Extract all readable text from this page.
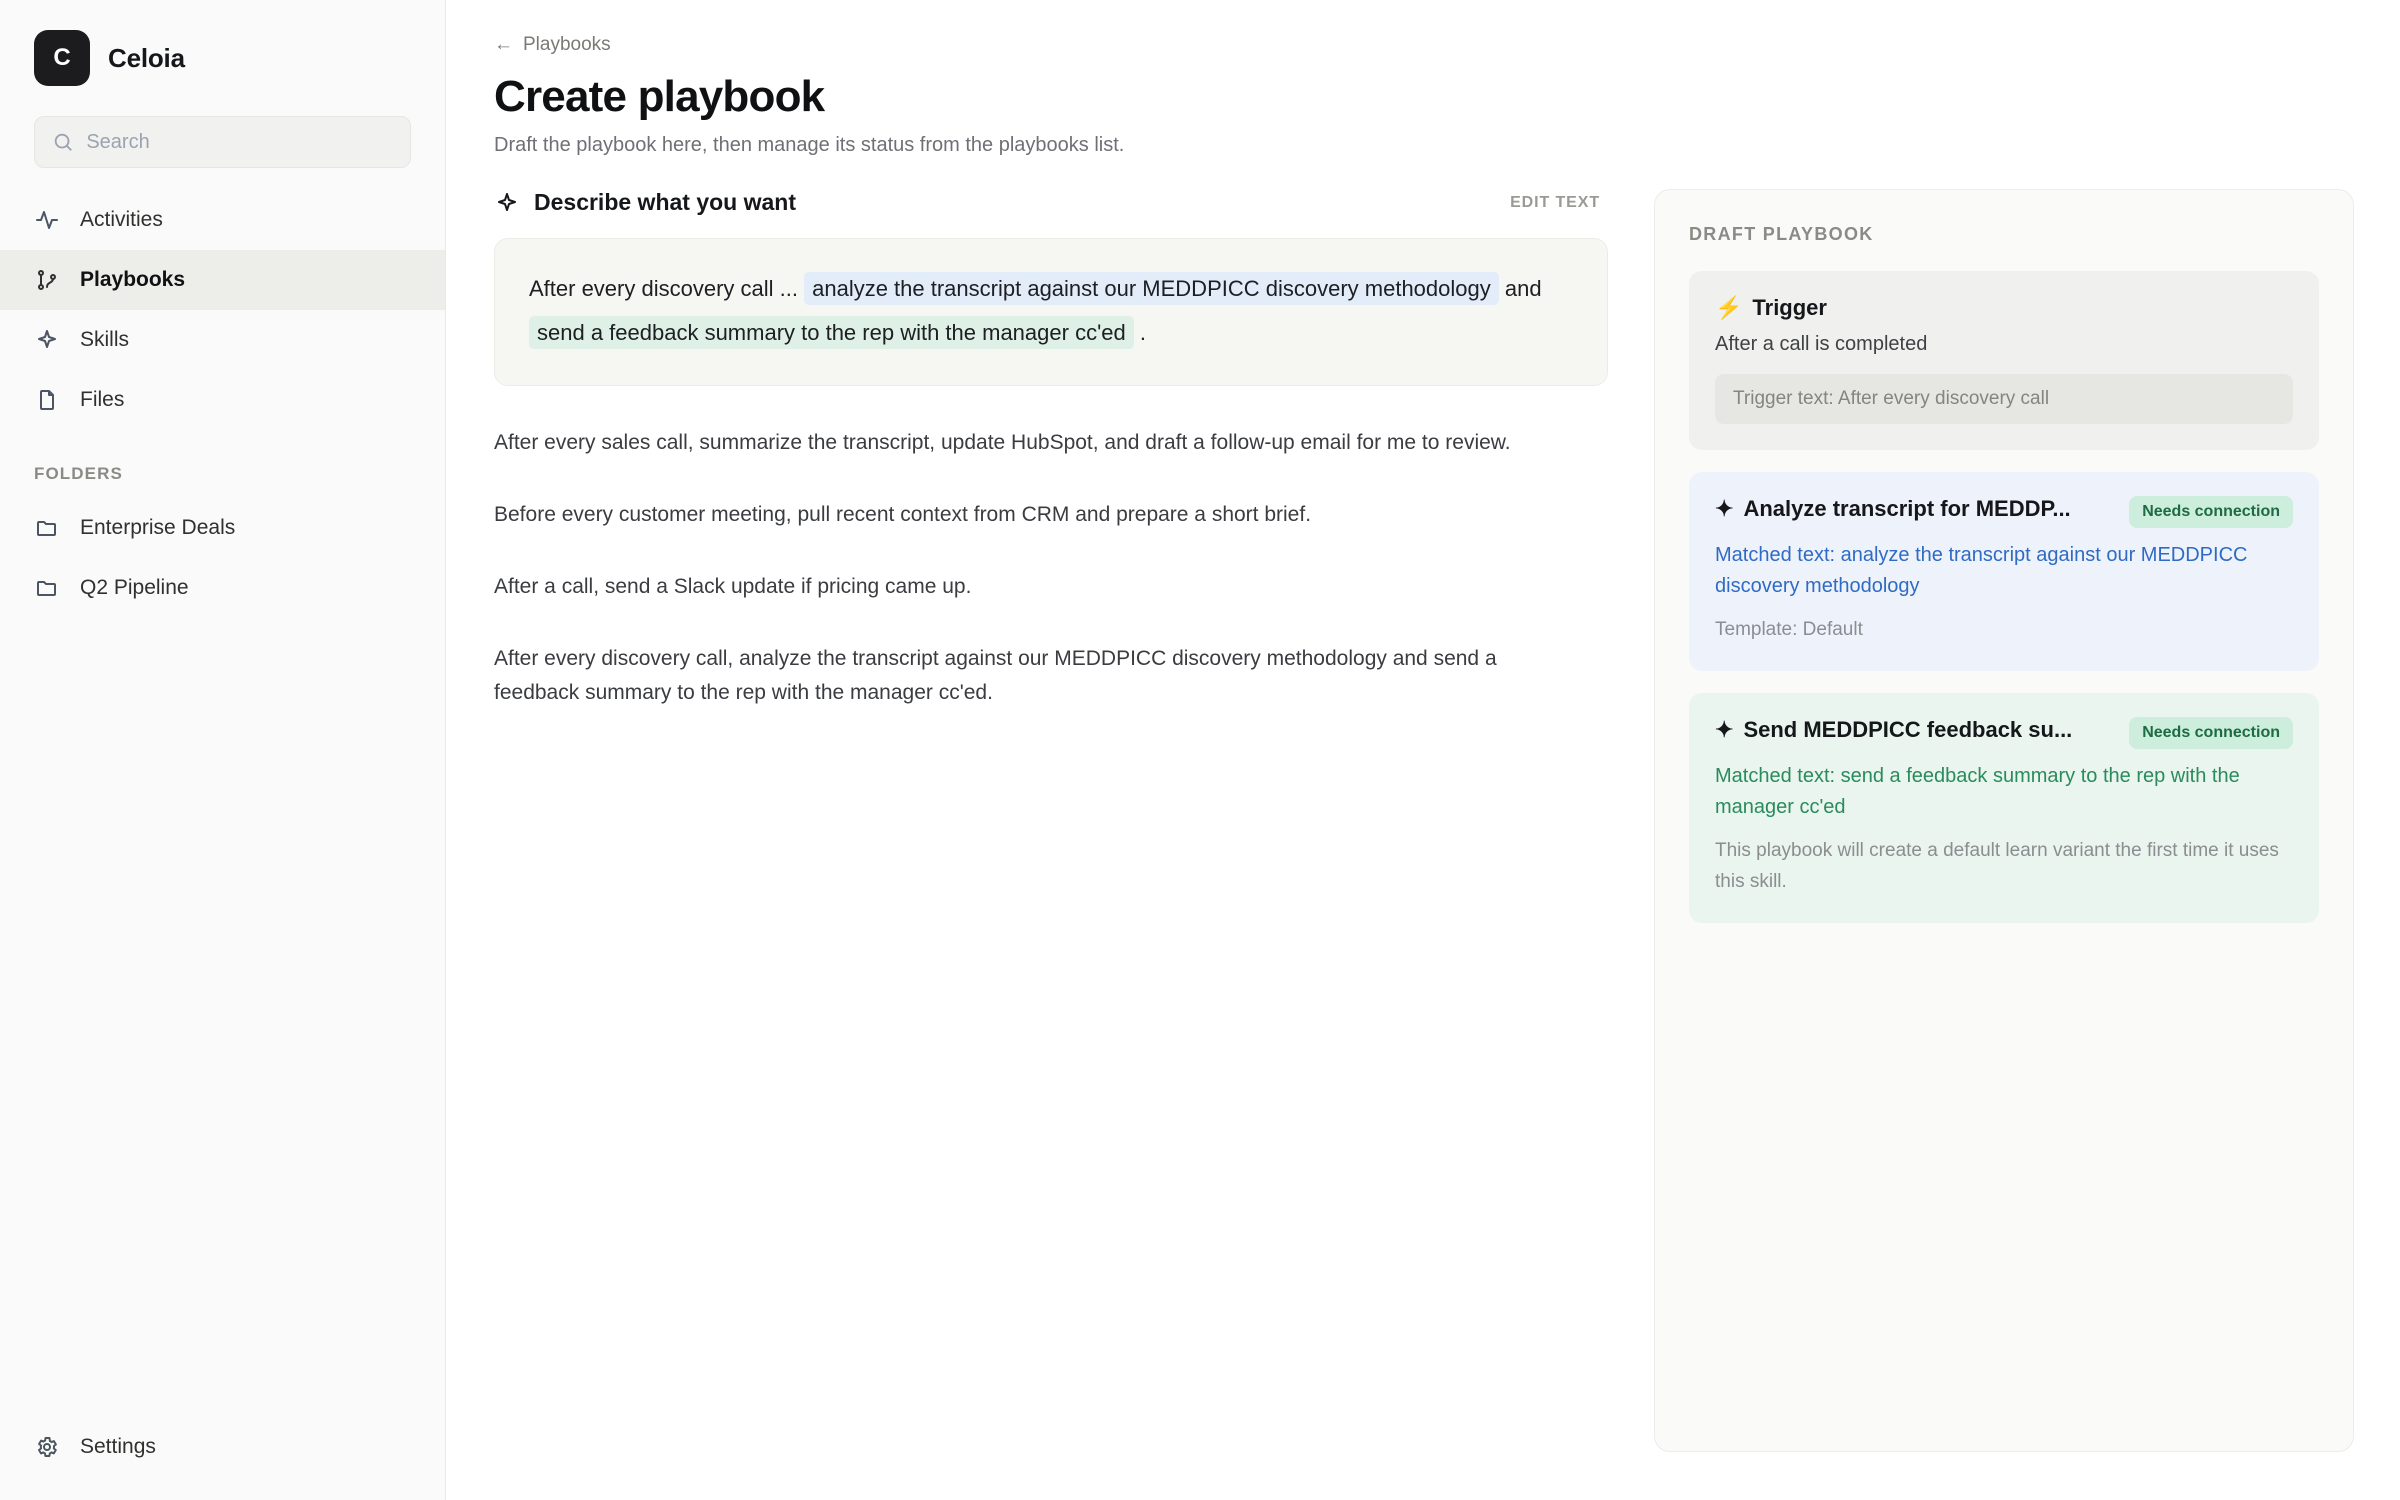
C	Celoia
Search
Activities
Playbooks
Skills
Files
FOLDERS
Enterprise Deals
Q2 Pipeline
Settings
← Playbooks
Create playbook
Draft the playbook here, then manage its status from the playbooks list.
Describe what you want	EDIT TEXT
After every discovery call ... analyze the transcript against our MEDDPICC discovery methodology and send a feedback summary to the rep with the manager cc'ed .
After every sales call, summarize the transcript, update HubSpot, and draft a follow-up email for me to review.
Before every customer meeting, pull recent context from CRM and prepare a short brief.
After a call, send a Slack update if pricing came up.
After every discovery call, analyze the transcript against our MEDDPICC discovery methodology and send a feedback summary to the rep with the manager cc'ed.
DRAFT PLAYBOOK
⚡ Trigger
After a call is completed
Trigger text: After every discovery call
✦ Analyze transcript for MEDDP...	Needs connection
Matched text: analyze the transcript against our MEDDPICC discovery methodology
Template: Default
✦ Send MEDDPICC feedback su...	Needs connection
Matched text: send a feedback summary to the rep with the manager cc'ed
This playbook will create a default learn variant the first time it uses this skill.
